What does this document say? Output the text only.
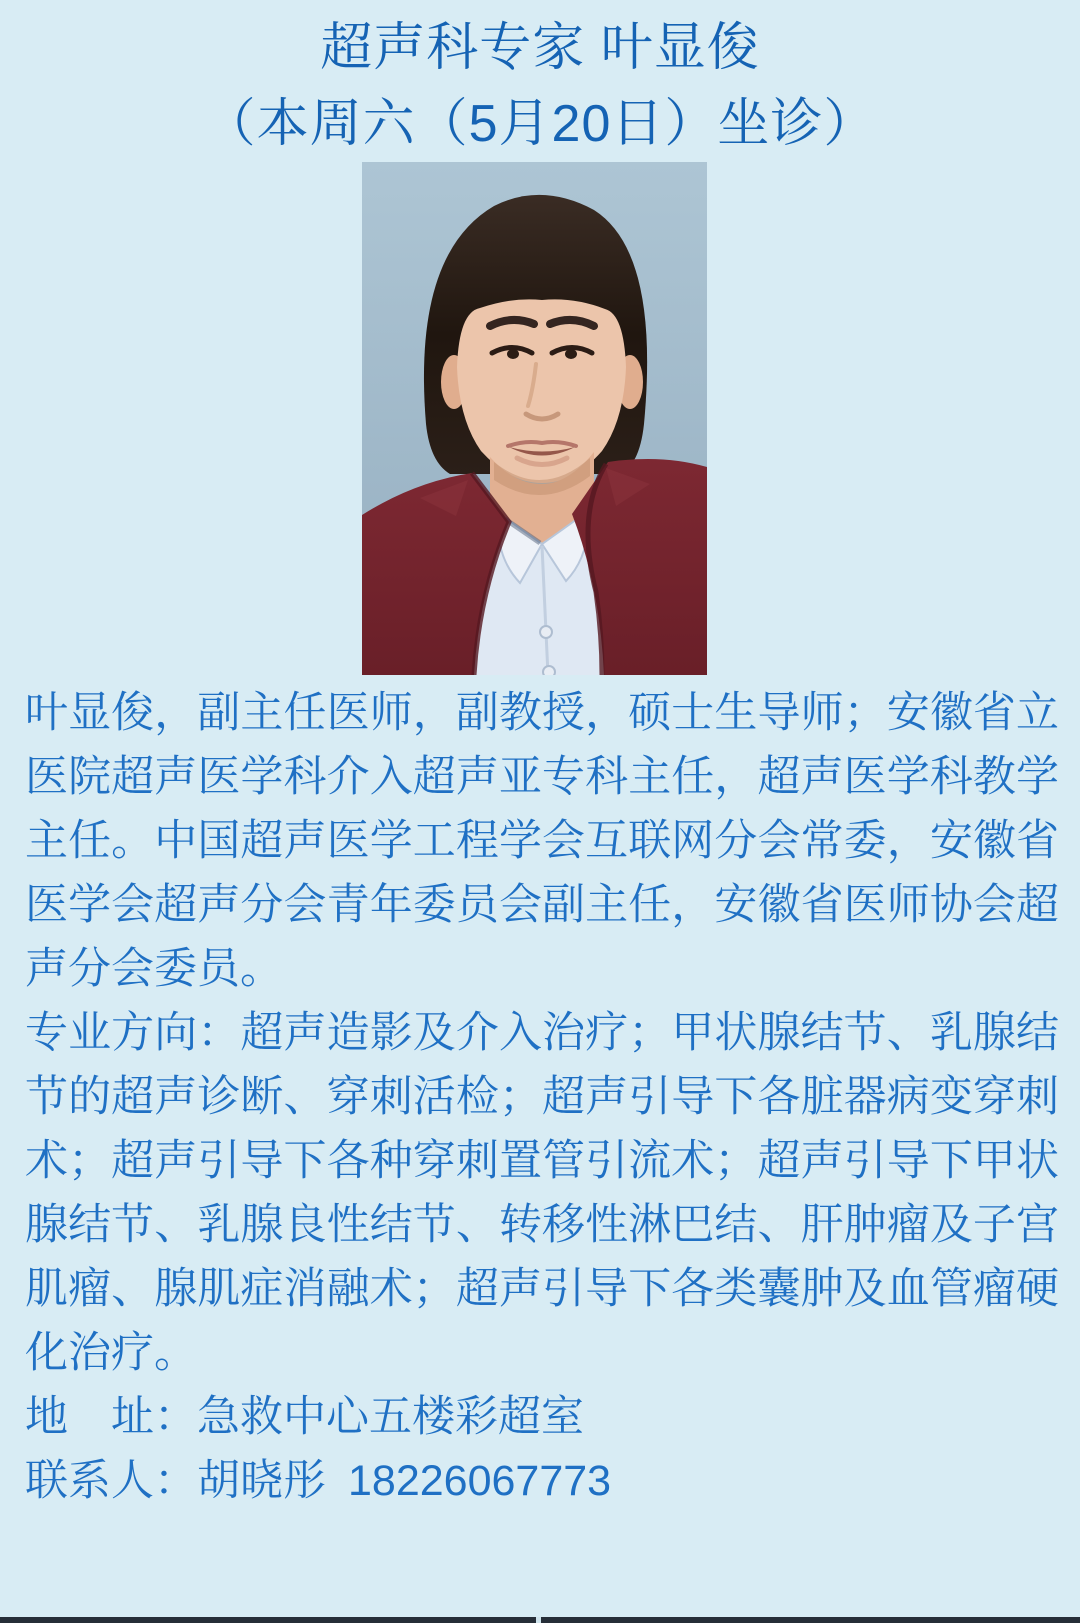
超声科专家 叶显俊
（本周六（5月20日）坐诊）

叶显俊，副主任医师，副教授，硕士生导师；安徽省立医院超声医学科介入超声亚专科主任，超声医学科教学主任。中国超声医学工程学会互联网分会常委，安徽省医学会超声分会青年委员会副主任，安徽省医师协会超声分会委员。

专业方向：超声造影及介入治疗；甲状腺结节、乳腺结节的超声诊断、穿刺活检；超声引导下各脏器病变穿刺术；超声引导下各种穿刺置管引流术；超声引导下甲状腺结节、乳腺良性结节、转移性淋巴结、肝肿瘤及子宫肌瘤、腺肌症消融术；超声引导下各类囊肿及血管瘤硬化治疗。

地　址：急救中心五楼彩超室

联系人：胡晓彤 18226067773
